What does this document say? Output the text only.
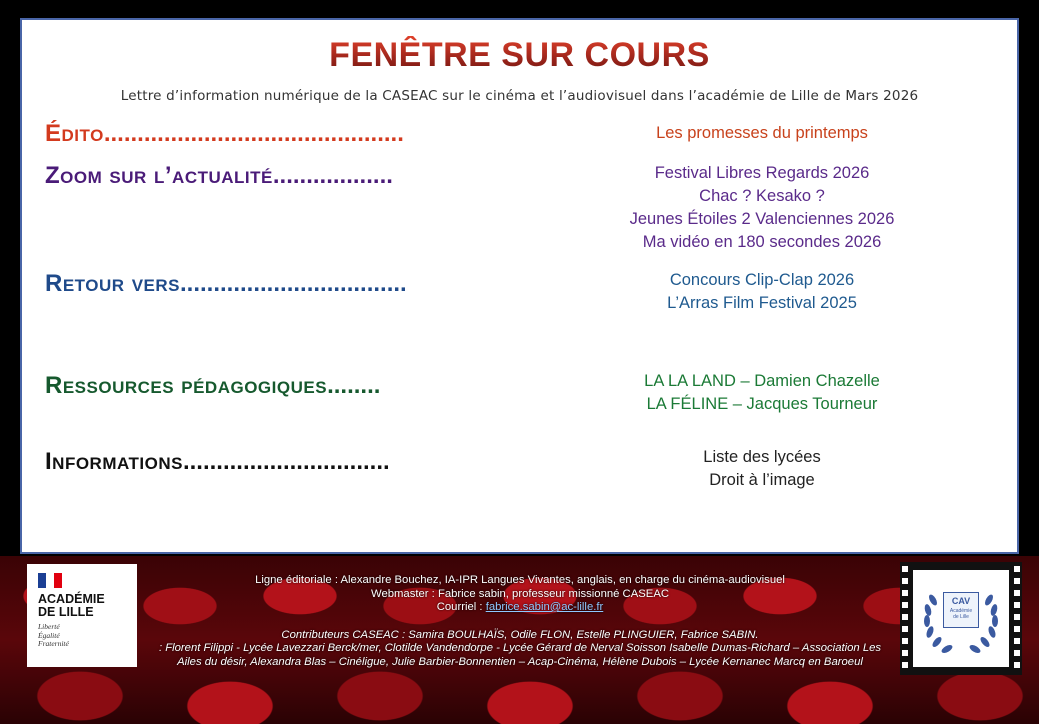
FENÊTRE SUR COURS
Lettre d’information numérique de la CASEAC sur le cinéma et l’audiovisuel dans l’académie de Lille de Mars 2026
Édito.............................................	Les promesses du printemps
Zoom sur l’actualité..................	Festival Libres Regards 2026
Chac ? Kesako ?
Jeunes Étoiles 2 Valenciennes 2026
Ma vidéo en 180 secondes 2026
Retour vers..................................	Concours Clip-Clap 2026
L’Arras Film Festival 2025
Ressources pédagogiques........	LA LA LAND – Damien Chazelle
LA FÉLINE – Jacques Tourneur
Informations...............................	Liste des lycées
Droit à l’image
ACADÉMIE
DE LILLE
Liberté
Égalité
Fraternité
Ligne éditoriale : Alexandre Bouchez, IA-IPR Langues Vivantes, anglais, en charge du cinéma-audiovisuel
Webmaster : Fabrice sabin, professeur missionné CASEAC
Courriel : fabrice.sabin@ac-lille.fr
Contributeurs CASEAC : Samira BOULHAÏS, Odile FLON, Estelle PLINGUIER, Fabrice SABIN.
: Florent Filippi - Lycée Lavezzari Berck/mer, Clotilde Vandendorpe - Lycée Gérard de Nerval Soisson Isabelle Dumas-Richard – Association Les
Ailes du désir, Alexandra Blas – Cinéligue, Julie Barbier-Bonnentien – Acap-Cinéma, Hélène Dubois – Lycée Kernanec Marcq en Baroeul
CAV
Académie
de Lille
